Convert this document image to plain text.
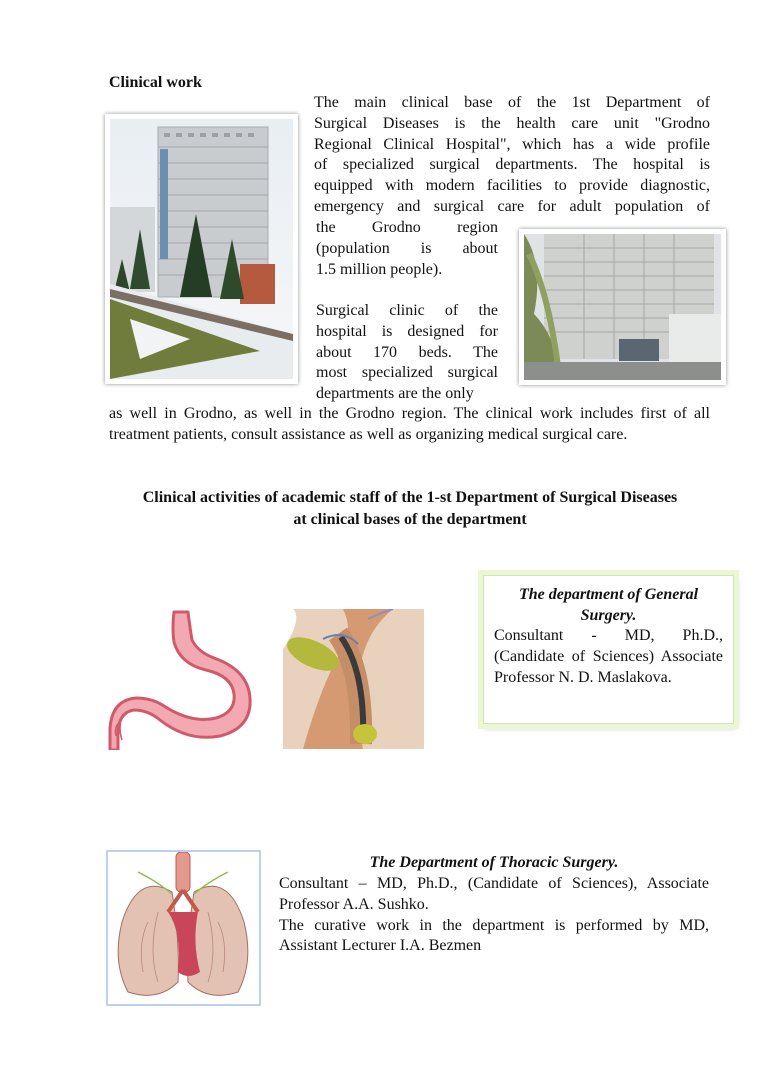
Clinical work
The main clinical base of the 1st Department of
Surgical Diseases is the health care unit "Grodno
Regional Clinical Hospital", which has a wide profile
of specialized surgical departments. The hospital is
equipped with modern facilities to provide diagnostic,
emergency and surgical care for adult population of
the Grodno region
(population is about
1.5 million people).
Surgical clinic of the
hospital is designed for
about 170 beds. The
most specialized surgical
departments are the only
as well in Grodno, as well in the Grodno region. The clinical work includes first of all treatment patients, consult assistance as well as organizing medical surgical care.
Clinical activities of academic staff of the 1-st Department of Surgical Diseases
at clinical bases of the department
The department of General Surgery.
Consultant - MD, Ph.D., (Candidate of Sciences) Associate Professor N. D. Maslakova.
The Department of Thoracic Surgery.
Consultant – MD, Ph.D., (Candidate of Sciences), Associate Professor A.A. Sushko.
The curative work in the department is performed by MD, Assistant Lecturer I.A. Bezmen
